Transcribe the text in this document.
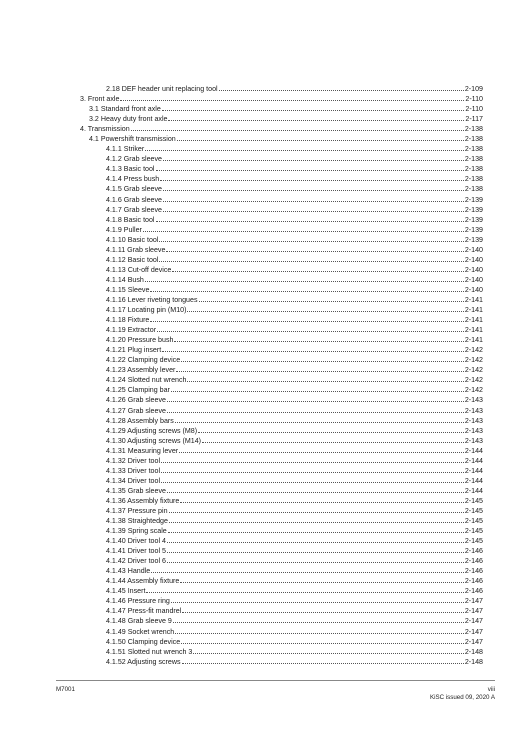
2.18 DEF header unit replacing tool	2-109
3. Front axle	2-110
3.1 Standard front axle	2-110
3.2 Heavy duty front axle	2-117
4. Transmission	2-138
4.1 Powershift transmission	2-138
4.1.1 Striker	2-138
4.1.2 Grab sleeve	2-138
4.1.3 Basic tool	2-138
4.1.4 Press bush	2-138
4.1.5 Grab sleeve	2-138
4.1.6 Grab sleeve	2-139
4.1.7 Grab sleeve	2-139
4.1.8 Basic tool	2-139
4.1.9 Puller	2-139
4.1.10 Basic tool	2-139
4.1.11 Grab sleeve	2-140
4.1.12 Basic tool	2-140
4.1.13 Cut-off device	2-140
4.1.14 Bush	2-140
4.1.15 Sleeve	2-140
4.1.16 Lever riveting tongues	2-141
4.1.17 Locating pin (M10)	2-141
4.1.18 Fixture	2-141
4.1.19 Extractor	2-141
4.1.20 Pressure bush	2-141
4.1.21 Plug insert	2-142
4.1.22 Clamping device	2-142
4.1.23 Assembly lever	2-142
4.1.24 Slotted nut wrench	2-142
4.1.25 Clamping bar	2-142
4.1.26 Grab sleeve	2-143
4.1.27 Grab sleeve	2-143
4.1.28 Assembly bars	2-143
4.1.29 Adjusting screws (M8)	2-143
4.1.30 Adjusting screws (M14)	2-143
4.1.31 Measuring lever	2-144
4.1.32 Driver tool	2-144
4.1.33 Driver tool	2-144
4.1.34 Driver tool	2-144
4.1.35 Grab sleeve	2-144
4.1.36 Assembly fixture	2-145
4.1.37 Pressure pin	2-145
4.1.38 Straightedge	2-145
4.1.39 Spring scale	2-145
4.1.40 Driver tool 4	2-145
4.1.41 Driver tool 5	2-146
4.1.42 Driver tool 6	2-146
4.1.43 Handle	2-146
4.1.44 Assembly fixture	2-146
4.1.45 Insert	2-146
4.1.46 Pressure ring	2-147
4.1.47 Press-fit mandrel	2-147
4.1.48 Grab sleeve 9	2-147
4.1.49 Socket wrench	2-147
4.1.50 Clamping device	2-147
4.1.51 Slotted nut wrench 3	2-148
4.1.52 Adjusting screws	2-148
M7001	viii
KiSC issued 09, 2020 A
